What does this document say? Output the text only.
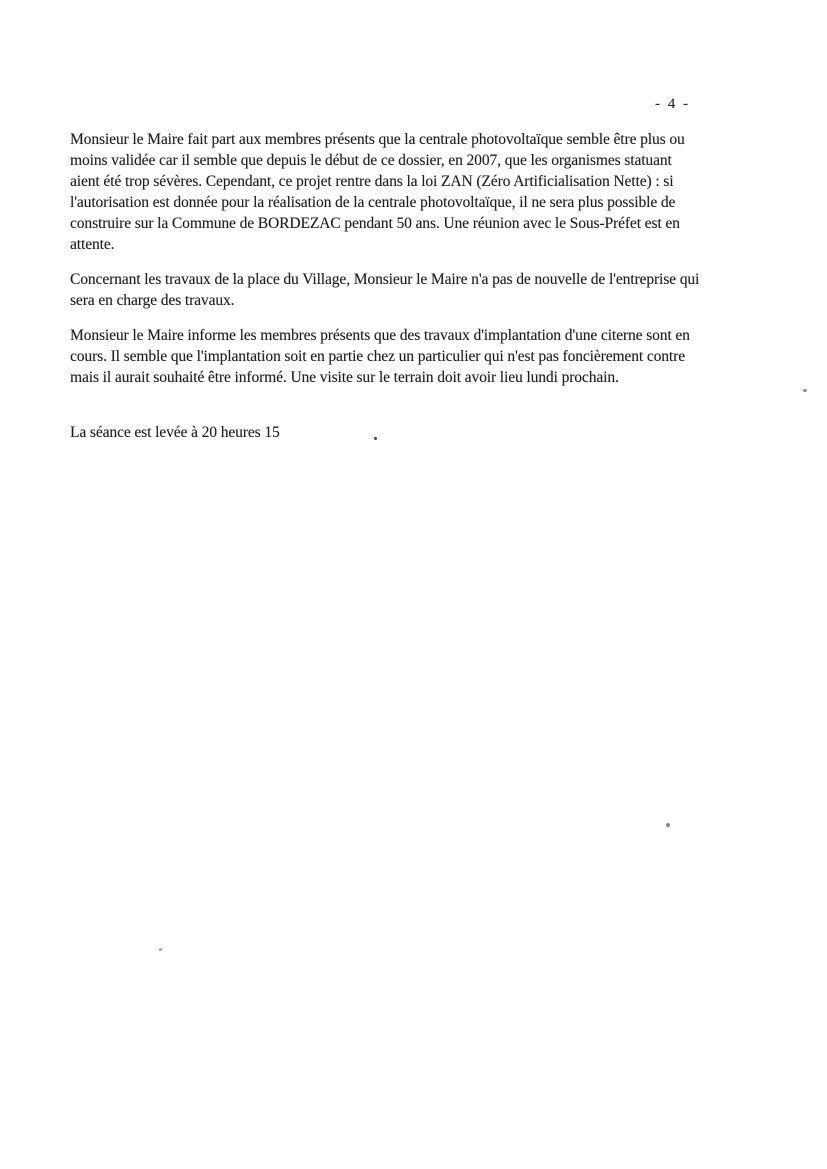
- 4 -
Monsieur le Maire fait part aux membres présents que la centrale photovoltaïque semble être plus ou
moins validée car il semble que depuis le début de ce dossier, en 2007, que les organismes statuant
aient été trop sévères. Cependant, ce projet rentre dans la loi ZAN (Zéro Artificialisation Nette) : si
l'autorisation est donnée pour la réalisation de la centrale photovoltaïque, il ne sera plus possible de
construire sur la Commune de BORDEZAC pendant 50 ans. Une réunion avec le Sous-Préfet est en
attente.
Concernant les travaux de la place du Village, Monsieur le Maire n'a pas de nouvelle de l'entreprise qui
sera en charge des travaux.
Monsieur le Maire informe les membres présents que des travaux d'implantation d'une citerne sont en
cours. Il semble que l'implantation soit en partie chez un particulier qui n'est pas foncièrement contre
mais il aurait souhaité être informé. Une visite sur le terrain doit avoir lieu lundi prochain.
La séance est levée à 20 heures 15
